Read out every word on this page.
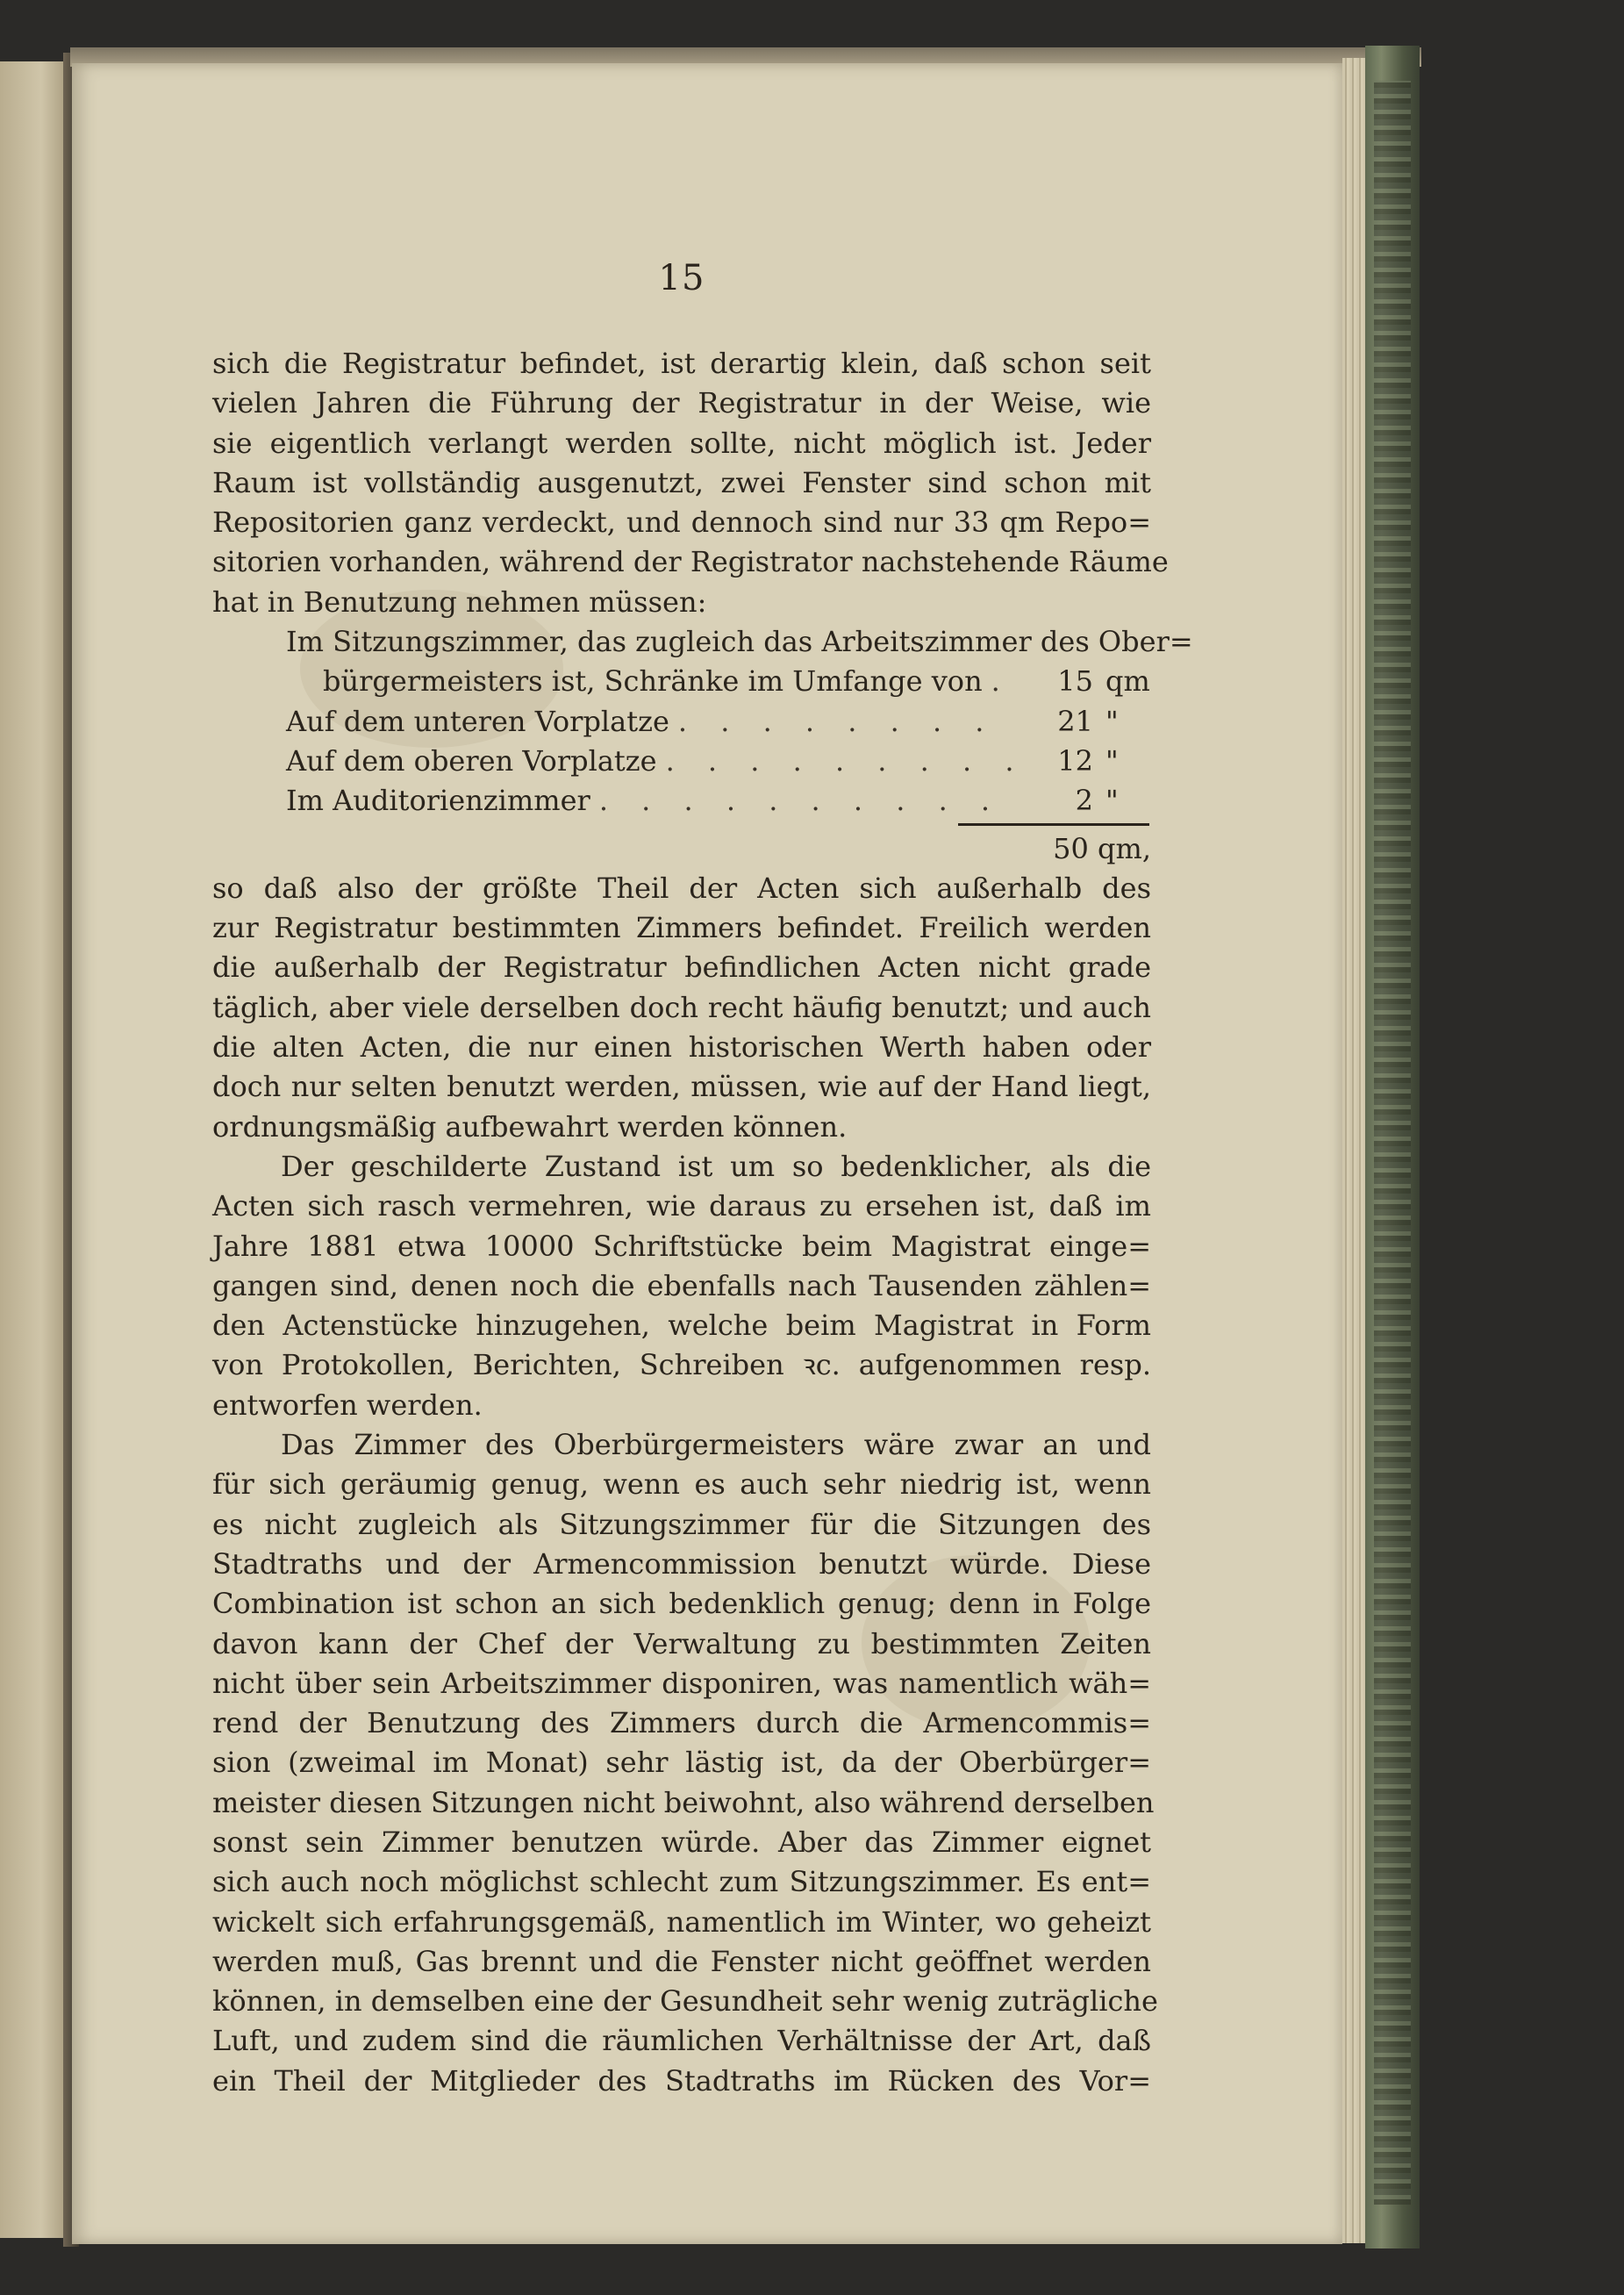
15
sich die Registratur befindet, ist derartig klein, daß schon seit
vielen Jahren die Führung der Registratur in der Weise, wie
sie eigentlich verlangt werden sollte, nicht möglich ist. Jeder
Raum ist vollständig ausgenutzt, zwei Fenster sind schon mit
Repositorien ganz verdeckt, und dennoch sind nur 33 qm Repo=
sitorien vorhanden, während der Registrator nachstehende Räume
hat in Benutzung nehmen müssen:
Im Sitzungszimmer, das zugleich das Arbeitszimmer des Ober=
bürgermeisters ist, Schränke im Umfange von .	15 qm
Auf dem unteren Vorplatze . . . . . . . .	21 "
Auf dem oberen Vorplatze . . . . . . . . .	12 "
Im Auditorienzimmer . . . . . . . . . .	2 "
50 qm,
so daß also der größte Theil der Acten sich außerhalb des
zur Registratur bestimmten Zimmers befindet. Freilich werden
die außerhalb der Registratur befindlichen Acten nicht grade
täglich, aber viele derselben doch recht häufig benutzt; und auch
die alten Acten, die nur einen historischen Werth haben oder
doch nur selten benutzt werden, müssen, wie auf der Hand liegt,
ordnungsmäßig aufbewahrt werden können.
Der geschilderte Zustand ist um so bedenklicher, als die
Acten sich rasch vermehren, wie daraus zu ersehen ist, daß im
Jahre 1881 etwa 10000 Schriftstücke beim Magistrat einge=
gangen sind, denen noch die ebenfalls nach Tausenden zählen=
den Actenstücke hinzugehen, welche beim Magistrat in Form
von Protokollen, Berichten, Schreiben ꝛc. aufgenommen resp.
entworfen werden.
Das Zimmer des Oberbürgermeisters wäre zwar an und
für sich geräumig genug, wenn es auch sehr niedrig ist, wenn
es nicht zugleich als Sitzungszimmer für die Sitzungen des
Stadtraths und der Armencommission benutzt würde. Diese
Combination ist schon an sich bedenklich genug; denn in Folge
davon kann der Chef der Verwaltung zu bestimmten Zeiten
nicht über sein Arbeitszimmer disponiren, was namentlich wäh=
rend der Benutzung des Zimmers durch die Armencommis=
sion (zweimal im Monat) sehr lästig ist, da der Oberbürger=
meister diesen Sitzungen nicht beiwohnt, also während derselben
sonst sein Zimmer benutzen würde. Aber das Zimmer eignet
sich auch noch möglichst schlecht zum Sitzungszimmer. Es ent=
wickelt sich erfahrungsgemäß, namentlich im Winter, wo geheizt
werden muß, Gas brennt und die Fenster nicht geöffnet werden
können, in demselben eine der Gesundheit sehr wenig zuträgliche
Luft, und zudem sind die räumlichen Verhältnisse der Art, daß
ein Theil der Mitglieder des Stadtraths im Rücken des Vor=
